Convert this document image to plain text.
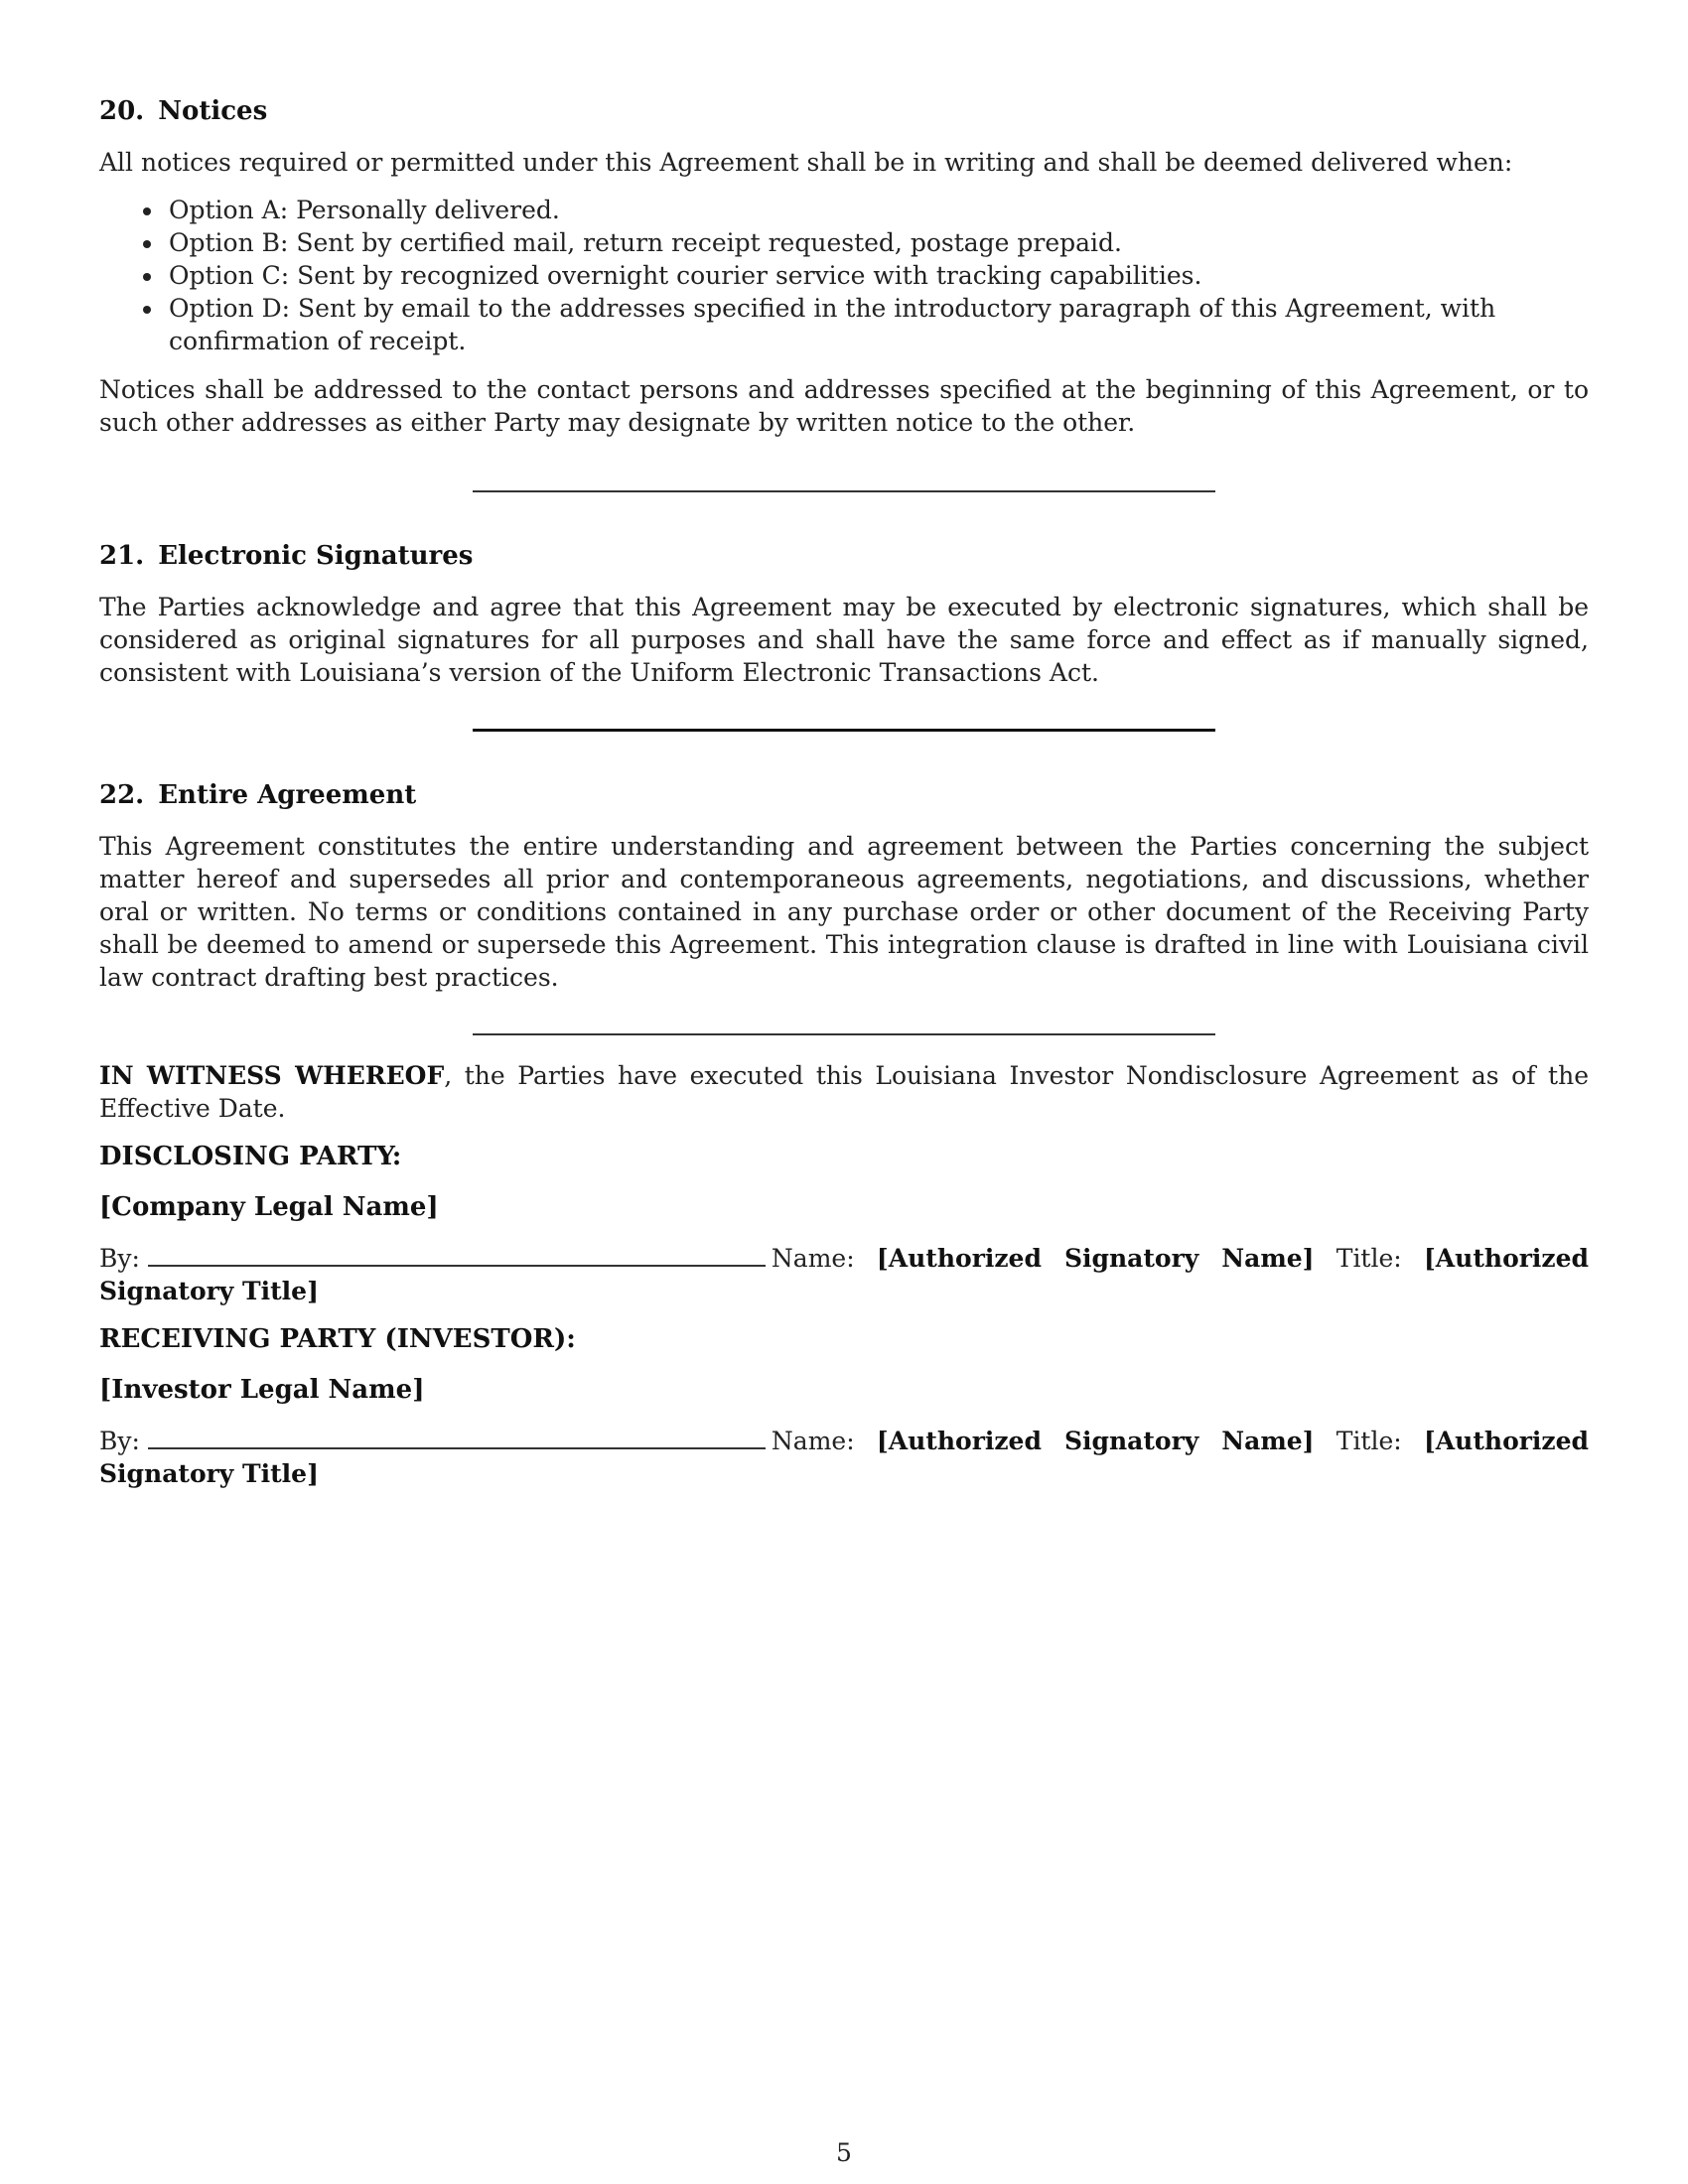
20. Notices

All notices required or permitted under this Agreement shall be in writing and shall be deemed delivered when:

Option A: Personally delivered.
Option B: Sent by certified mail, return receipt requested, postage prepaid.
Option C: Sent by recognized overnight courier service with tracking capabilities.
Option D: Sent by email to the addresses specified in the introductory paragraph of this Agreement, with confirmation of receipt.

Notices shall be addressed to the contact persons and addresses specified at the beginning of this Agreement, or to such other addresses as either Party may designate by written notice to the other.

21. Electronic Signatures

The Parties acknowledge and agree that this Agreement may be executed by electronic signatures, which shall be considered as original signatures for all purposes and shall have the same force and effect as if manually signed, consistent with Louisiana’s version of the Uniform Electronic Transactions Act.

22. Entire Agreement

This Agreement constitutes the entire understanding and agreement between the Parties concerning the subject matter hereof and supersedes all prior and contemporaneous agreements, negotiations, and discussions, whether oral or written. No terms or conditions contained in any purchase order or other document of the Receiving Party shall be deemed to amend or supersede this Agreement. This integration clause is drafted in line with Louisiana civil law contract drafting best practices.

IN WITNESS WHEREOF, the Parties have executed this Louisiana Investor Nondisclosure Agreement as of the Effective Date.

DISCLOSING PARTY:
[Company Legal Name]

By:	Name: [Authorized Signatory Name] Title: [Authorized Signatory Title]

RECEIVING PARTY (INVESTOR):
[Investor Legal Name]

By:	Name: [Authorized Signatory Name] Title: [Authorized Signatory Title]

5
